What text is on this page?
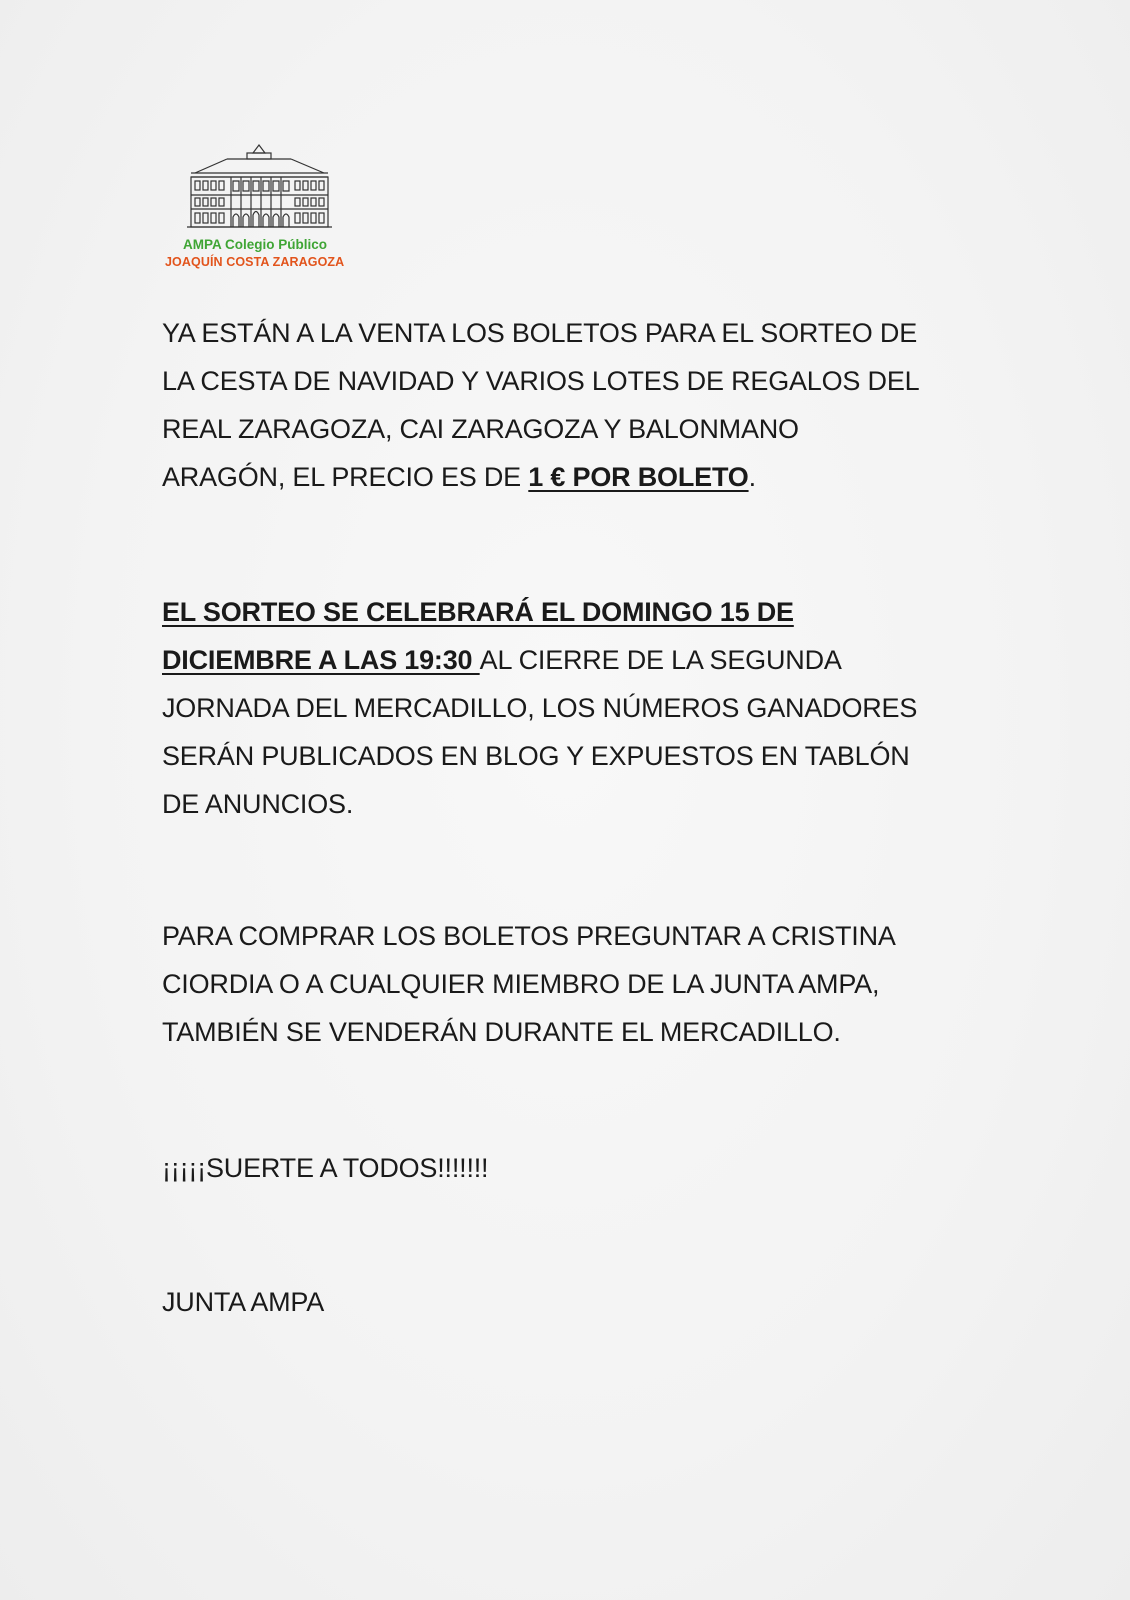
AMPA Colegio Público
JOAQUÍN COSTA ZARAGOZA
YA ESTÁN A LA VENTA LOS BOLETOS PARA EL SORTEO DE
LA CESTA DE NAVIDAD Y VARIOS LOTES DE REGALOS DEL
REAL ZARAGOZA, CAI ZARAGOZA Y BALONMANO
ARAGÓN, EL PRECIO ES DE 1 € POR BOLETO.
EL SORTEO SE CELEBRARÁ EL DOMINGO 15 DE
DICIEMBRE A LAS 19:30 AL CIERRE DE LA SEGUNDA
JORNADA DEL MERCADILLO, LOS NÚMEROS GANADORES
SERÁN PUBLICADOS EN BLOG Y EXPUESTOS EN TABLÓN
DE ANUNCIOS.
PARA COMPRAR LOS BOLETOS PREGUNTAR A CRISTINA
CIORDIA O A CUALQUIER MIEMBRO DE LA JUNTA AMPA,
TAMBIÉN SE VENDERÁN DURANTE EL MERCADILLO.
¡¡¡¡¡SUERTE A TODOS!!!!!!!
JUNTA AMPA
